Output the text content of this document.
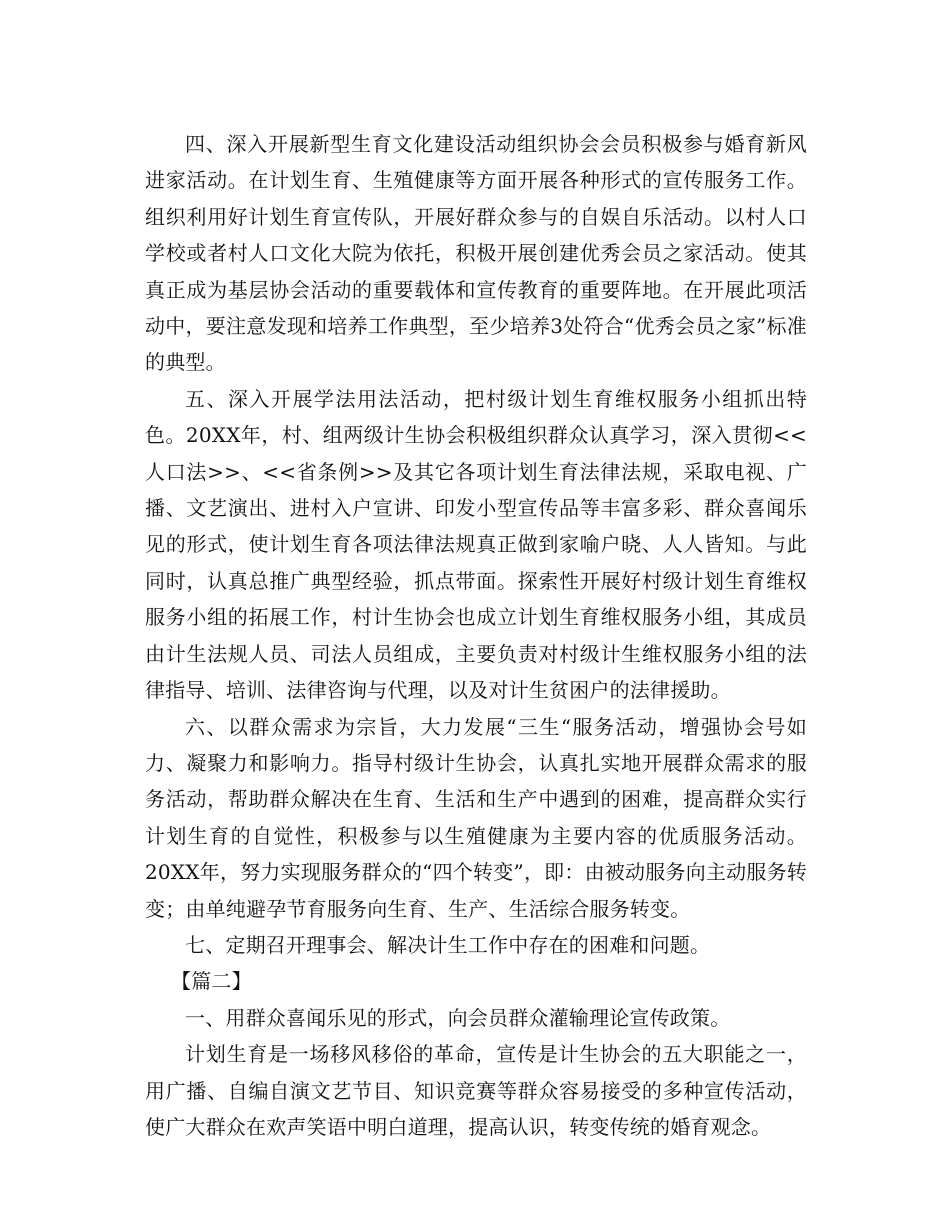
四、深入开展新型生育文化建设活动组织协会会员积极参与婚育新风进家活动。在计划生育、生殖健康等方面开展各种形式的宣传服务工作。组织利用好计划生育宣传队，开展好群众参与的自娱自乐活动。以村人口学校或者村人口文化大院为依托，积极开展创建优秀会员之家活动。使其真正成为基层协会活动的重要载体和宣传教育的重要阵地。在开展此项活动中，要注意发现和培养工作典型，至少培养3处符合“优秀会员之家”标准的典型。

五、深入开展学法用法活动，把村级计划生育维权服务小组抓出特色。20XX年，村、组两级计生协会积极组织群众认真学习，深入贯彻<<人口法>>、<<省条例>>及其它各项计划生育法律法规，采取电视、广播、文艺演出、进村入户宣讲、印发小型宣传品等丰富多彩、群众喜闻乐见的形式，使计划生育各项法律法规真正做到家喻户晓、人人皆知。与此同时，认真总推广典型经验，抓点带面。探索性开展好村级计划生育维权服务小组的拓展工作，村计生协会也成立计划生育维权服务小组，其成员由计生法规人员、司法人员组成，主要负责对村级计生维权服务小组的法律指导、培训、法律咨询与代理，以及对计生贫困户的法律援助。

六、以群众需求为宗旨，大力发展“三生“服务活动，增强协会号如力、凝聚力和影响力。指导村级计生协会，认真扎实地开展群众需求的服务活动，帮助群众解决在生育、生活和生产中遇到的困难，提高群众实行计划生育的自觉性，积极参与以生殖健康为主要内容的优质服务活动。20XX年，努力实现服务群众的“四个转变”，即：由被动服务向主动服务转变；由单纯避孕节育服务向生育、生产、生活综合服务转变。

七、定期召开理事会、解决计生工作中存在的困难和问题。

【篇二】

一、用群众喜闻乐见的形式，向会员群众灌输理论宣传政策。

计划生育是一场移风移俗的革命，宣传是计生协会的五大职能之一，用广播、自编自演文艺节目、知识竞赛等群众容易接受的多种宣传活动，使广大群众在欢声笑语中明白道理，提高认识，转变传统的婚育观念。
